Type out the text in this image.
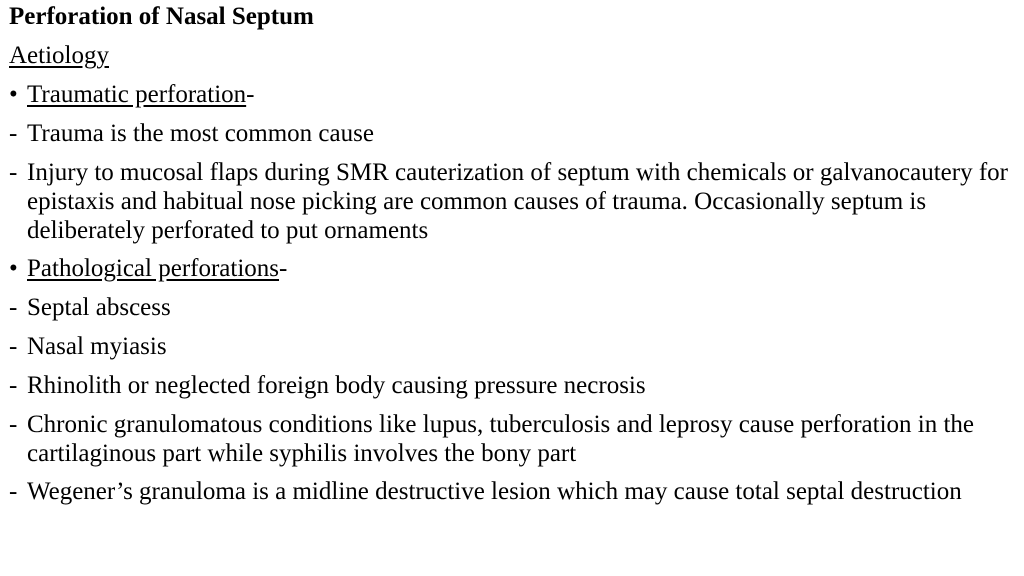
Perforation of Nasal Septum
Aetiology
• Traumatic perforation-
- Trauma is the most common cause
- Injury to mucosal flaps during SMR cauterization of septum with chemicals or galvanocautery for epistaxis and habitual nose picking are common causes of trauma. Occasionally septum is deliberately perforated to put ornaments
• Pathological perforations-
- Septal abscess
- Nasal myiasis
- Rhinolith or neglected foreign body causing pressure necrosis
- Chronic granulomatous conditions like lupus, tuberculosis and leprosy cause perforation in the cartilaginous part while syphilis involves the bony part
- Wegener’s granuloma is a midline destructive lesion which may cause total septal destruction
